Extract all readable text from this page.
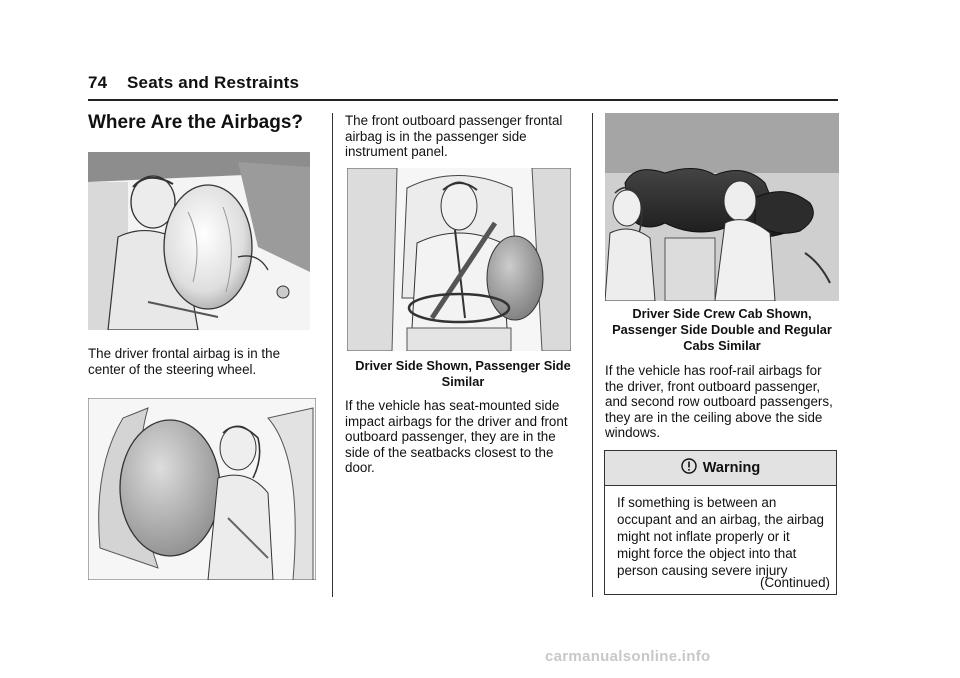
74 Seats and Restraints
Where Are the Airbags?
The driver frontal airbag is in the center of the steering wheel.
The front outboard passenger frontal airbag is in the passenger side instrument panel.
Driver Side Shown, Passenger Side Similar
If the vehicle has seat-mounted side impact airbags for the driver and front outboard passenger, they are in the side of the seatbacks closest to the door.
Driver Side Crew Cab Shown, Passenger Side Double and Regular Cabs Similar
If the vehicle has roof-rail airbags for the driver, front outboard passenger, and second row outboard passengers, they are in the ceiling above the side windows.
Warning
If something is between an occupant and an airbag, the airbag might not inflate properly or it might force the object into that person causing severe injury
(Continued)
carmanualsonline.info
